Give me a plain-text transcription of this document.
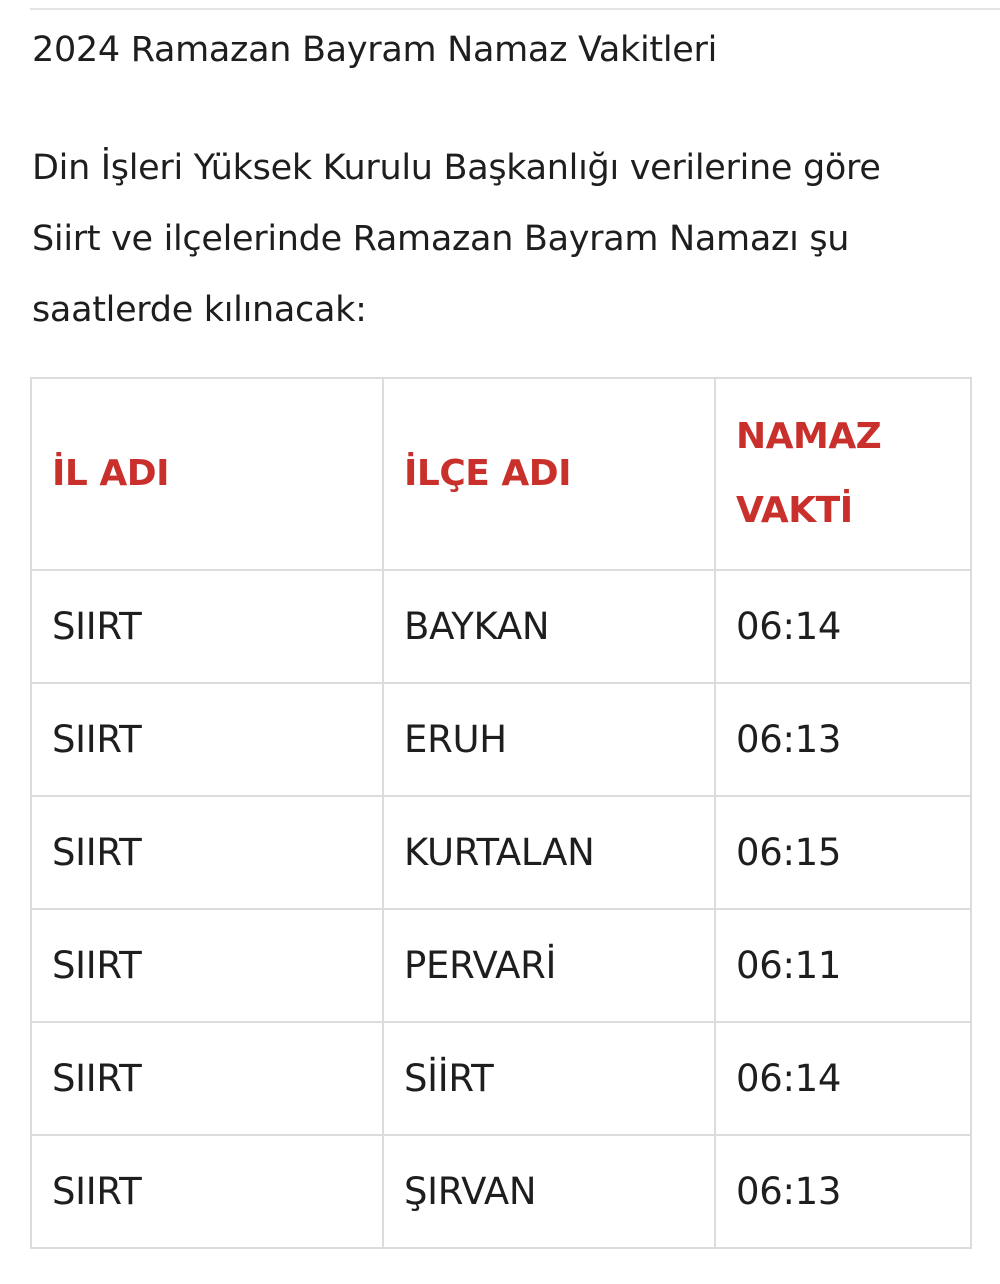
2024 Ramazan Bayram Namaz Vakitleri

Din İşleri Yüksek Kurulu Başkanlığı verilerine göre Siirt ve ilçelerinde Ramazan Bayram Namazı şu saatlerde kılınacak:

İL ADI	İLÇE ADI	NAMAZ
VAKTİ
SIIRT	BAYKAN	06:14
SIIRT	ERUH	06:13
SIIRT	KURTALAN	06:15
SIIRT	PERVARİ	06:11
SIIRT	SİİRT	06:14
SIIRT	ŞIRVAN	06:13
